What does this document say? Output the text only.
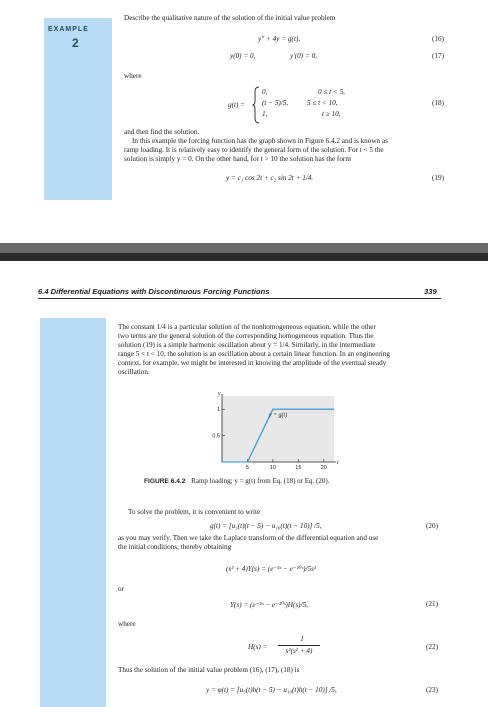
EXAMPLE
2
Describe the qualitative nature of the solution of the initial value problem
y″ + 4y = g(t),	(16)
y(0) = 0,	y′(0) = 0,	(17)
where
g(t) =
0,	0 ≤ t < 5,
(t − 5)/5,	5 ≤ t < 10,
1,	t ≥ 10,
(18)
and then find the solution.
In this example the forcing function has the graph shown in Figure 6.4.2 and is known as
ramp loading. It is relatively easy to identify the general form of the solution. For t < 5 the
solution is simply y = 0. On the other hand, for t > 10 the solution has the form
y = c₁ cos 2t + c₂ sin 2t + 1/4.	(19)
6.4 Differential Equations with Discontinuous Forcing Functions	339
The constant 1/4 is a particular solution of the nonhomogeneous equation, while the other
two terms are the general solution of the corresponding homogeneous equation. Thus the
solution (19) is a simple harmonic oscillation about y = 1/4. Similarly, in the intermediate
range 5 < t < 10, the solution is an oscillation about a certain linear function. In an engineering
context, for example, we might be interested in knowing the amplitude of the eventual steady
oscillation.
5	10	15	20
0.5
1
y
t
y = g(t)
FIGURE 6.4.2 Ramp loading; y = g(t) from Eq. (18) or Eq. (20).
To solve the problem, it is convenient to write
g(t) = [u₅(t)(t − 5) − u₁₀(t)(t − 10)] /5,	(20)
as you may verify. Then we take the Laplace transform of the differential equation and use
the initial conditions, thereby obtaining
(s² + 4)Y(s) = (e⁻⁵ˢ − e⁻¹⁰ˢ)/5s²
or
Y(s) = (e⁻⁵ˢ − e⁻¹⁰ˢ)H(s)/5,	(21)
where
H(s) =
1
s²(s² + 4)	(22)
Thus the solution of the initial value problem (16), (17), (18) is
y = φ(t) = [u₅(t)h(t − 5) − u₁₀(t)h(t − 10)] /5,	(23)
